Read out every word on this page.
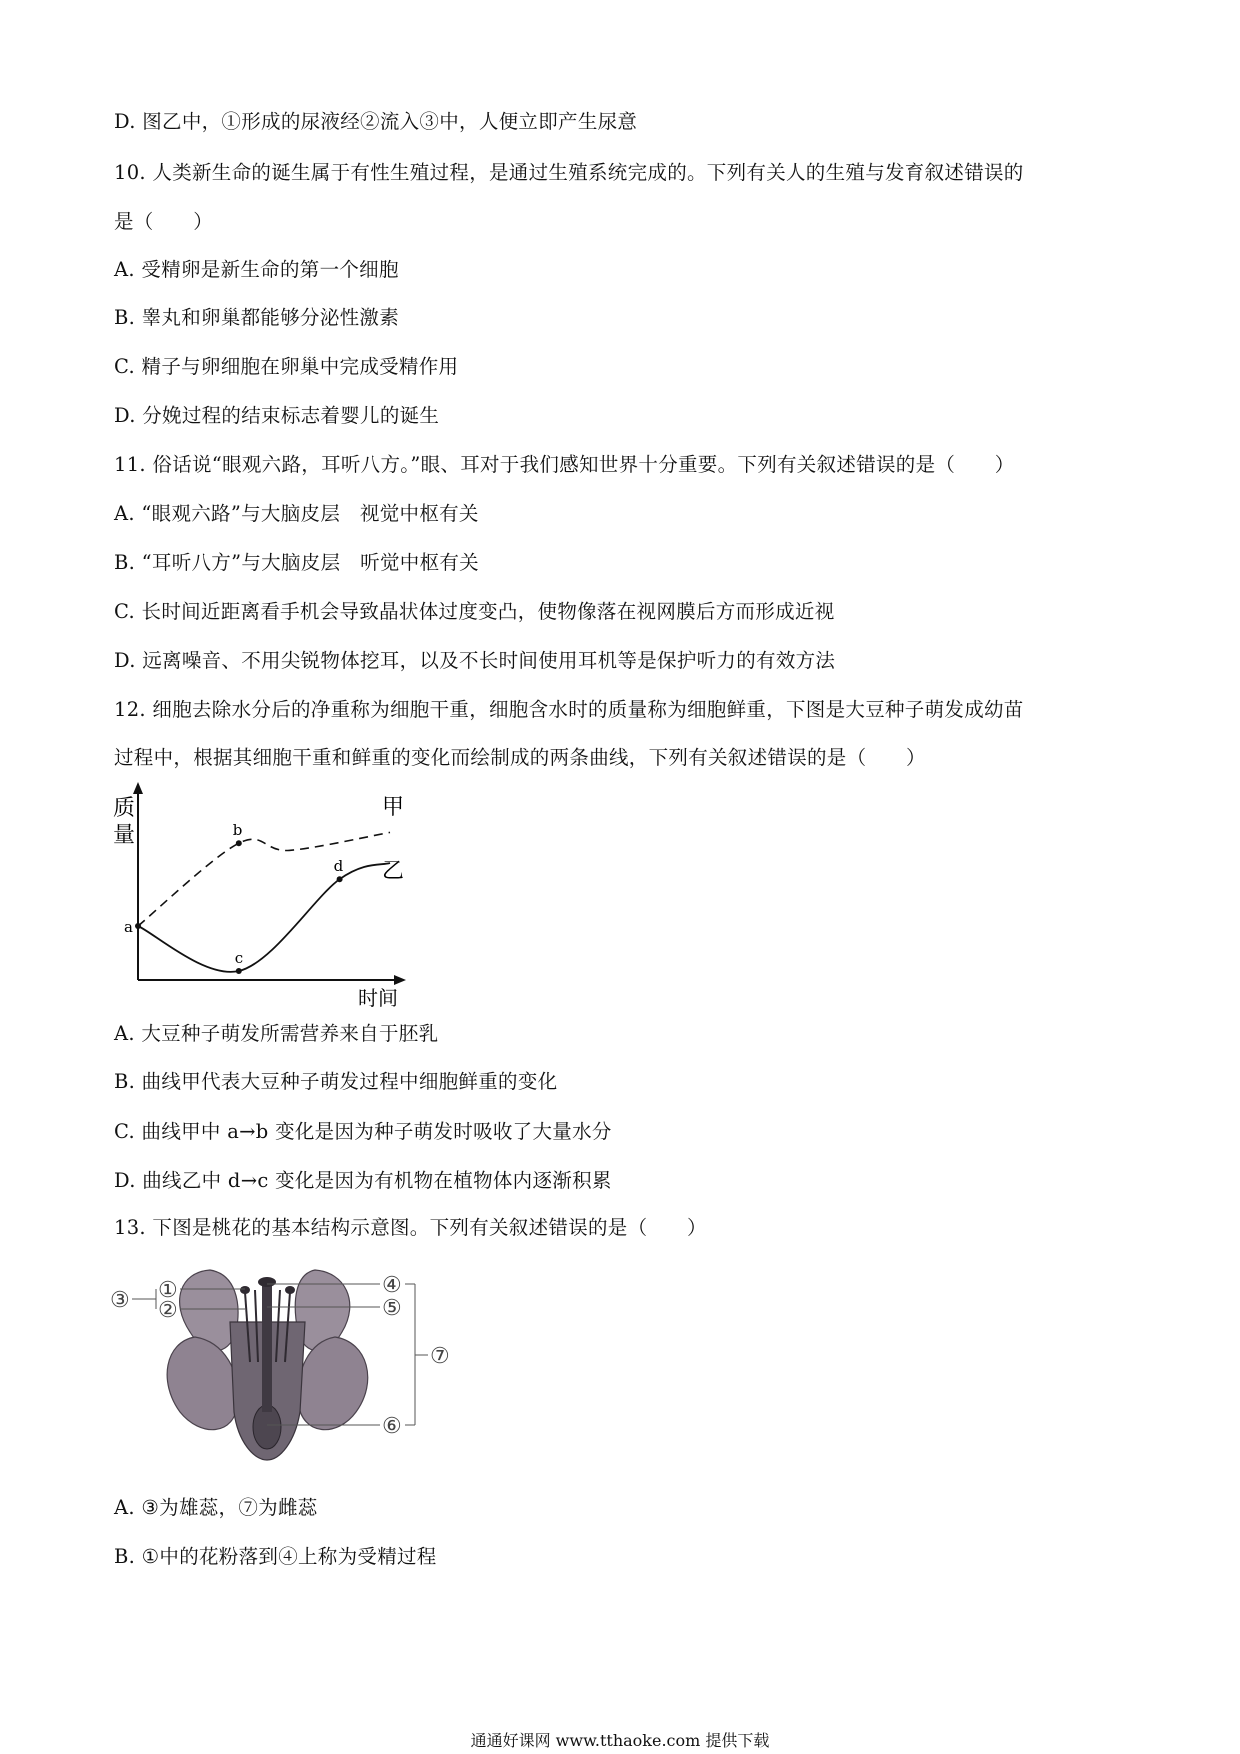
D. 图乙中，①形成的尿液经②流入③中，人便立即产生尿意
10. 人类新生命的诞生属于有性生殖过程，是通过生殖系统完成的。下列有关人的生殖与发育叙述错误的
是（　　）
A. 受精卵是新生命的第一个细胞
B. 睾丸和卵巢都能够分泌性激素
C. 精子与卵细胞在卵巢中完成受精作用
D. 分娩过程的结束标志着婴儿的诞生
11. 俗话说“眼观六路，耳听八方。”眼、耳对于我们感知世界十分重要。下列有关叙述错误的是（　　）
A. “眼观六路”与大脑皮层　视觉中枢有关
B. “耳听八方”与大脑皮层　听觉中枢有关
C. 长时间近距离看手机会导致晶状体过度变凸，使物像落在视网膜后方而形成近视
D. 远离噪音、不用尖锐物体挖耳，以及不长时间使用耳机等是保护听力的有效方法
12. 细胞去除水分后的净重称为细胞干重，细胞含水时的质量称为细胞鲜重，下图是大豆种子萌发成幼苗
过程中，根据其细胞干重和鲜重的变化而绘制成的两条曲线，下列有关叙述错误的是（　　）
质
量
时间
甲
乙
a
b
c
d
A. 大豆种子萌发所需营养来自于胚乳
B. 曲线甲代表大豆种子萌发过程中细胞鲜重的变化
C. 曲线甲中 a→b 变化是因为种子萌发时吸收了大量水分
D. 曲线乙中 d→c 变化是因为有机物在植物体内逐渐积累
13. 下图是桃花的基本结构示意图。下列有关叙述错误的是（　　）
①
②
③
④
⑤
⑥
⑦
A. ③为雄蕊，⑦为雌蕊
B. ①中的花粉落到④上称为受精过程
通通好课网 www.tthaoke.com 提供下载
